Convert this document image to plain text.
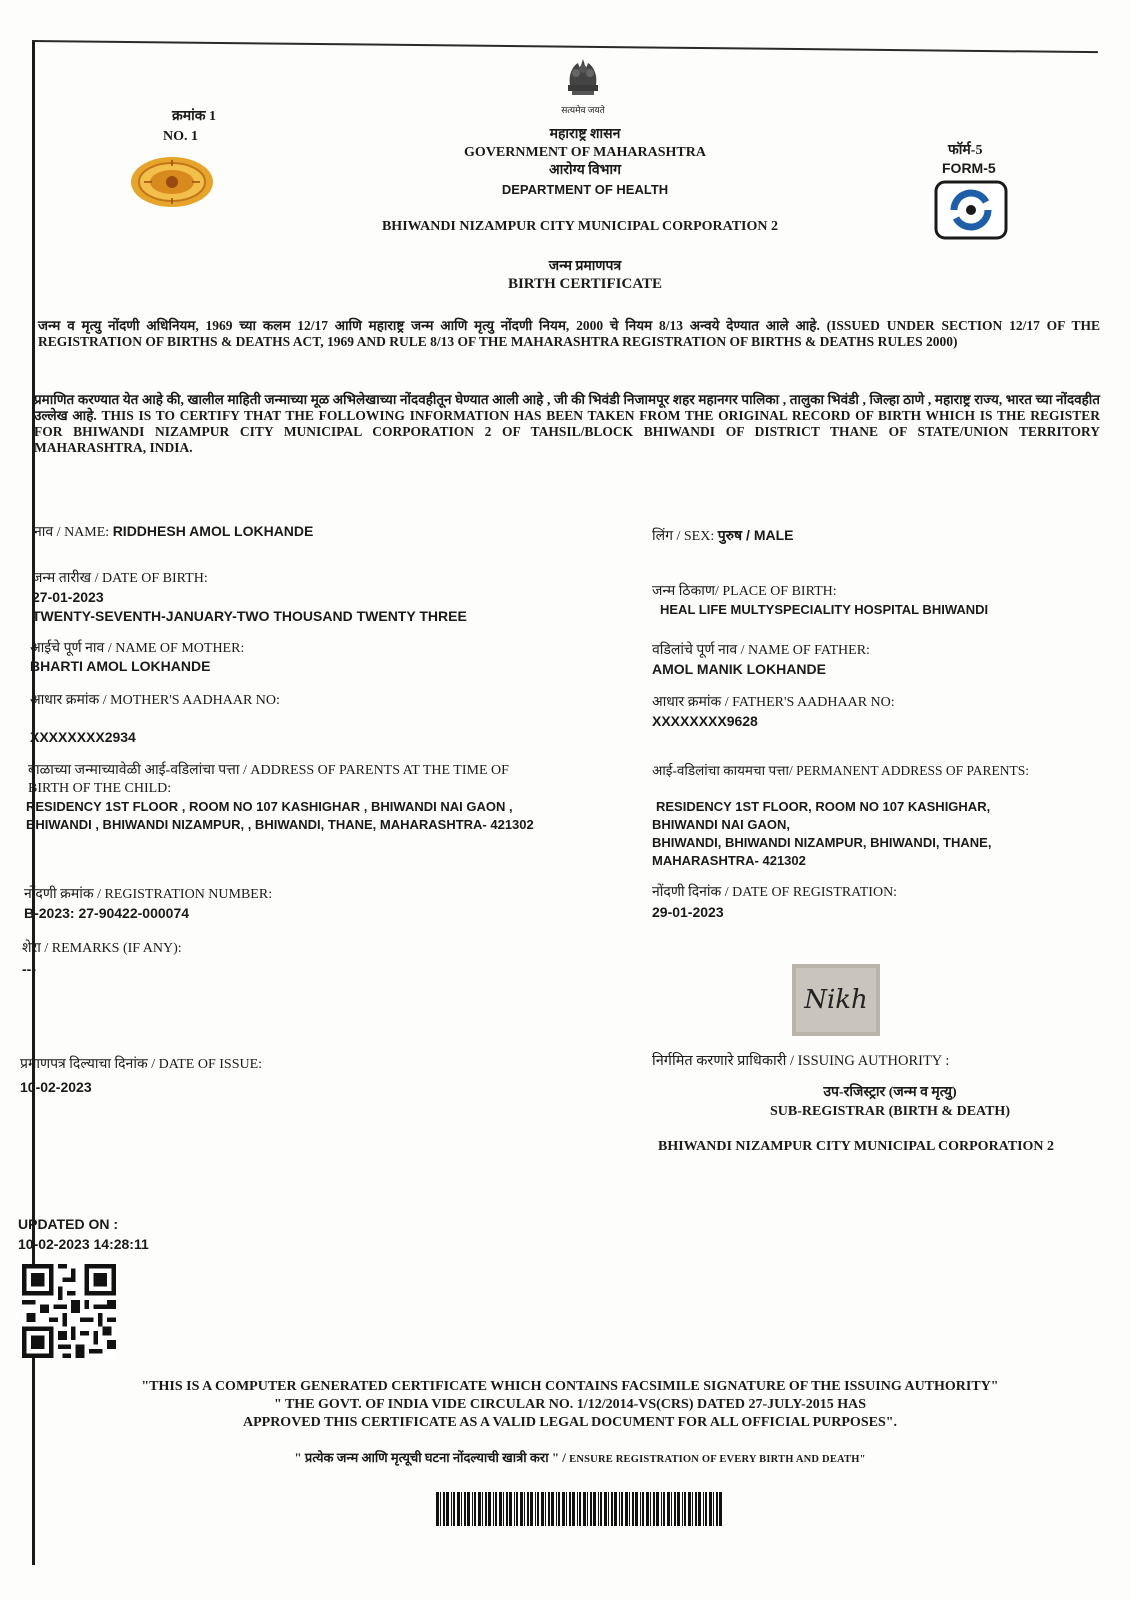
क्रमांक 1
NO. 1
सत्यमेव जयते
महाराष्ट्र शासन
GOVERNMENT OF MAHARASHTRA
आरोग्य विभाग
DEPARTMENT OF HEALTH
फॉर्म-5
FORM-5
BHIWANDI NIZAMPUR CITY MUNICIPAL CORPORATION 2
जन्म प्रमाणपत्र
BIRTH CERTIFICATE
जन्म व मृत्यु नोंदणी अधिनियम, 1969 च्या कलम 12/17 आणि महाराष्ट्र जन्म आणि मृत्यु नोंदणी नियम, 2000 चे नियम 8/13 अन्वये देण्यात आले आहे. (ISSUED UNDER SECTION 12/17 OF THE REGISTRATION OF BIRTHS & DEATHS ACT, 1969 AND RULE 8/13 OF THE MAHARASHTRA REGISTRATION OF BIRTHS & DEATHS RULES 2000)
प्रमाणित करण्यात येत आहे की, खालील माहिती जन्माच्या मूळ अभिलेखाच्या नोंदवहीतून घेण्यात आली आहे , जी की भिवंडी निजामपूर शहर महानगर पालिका , तालुका भिवंडी , जिल्हा ठाणे , महाराष्ट्र राज्य, भारत च्या नोंदवहीत उल्लेख आहे. THIS IS TO CERTIFY THAT THE FOLLOWING INFORMATION HAS BEEN TAKEN FROM THE ORIGINAL RECORD OF BIRTH WHICH IS THE REGISTER FOR BHIWANDI NIZAMPUR CITY MUNICIPAL CORPORATION 2 OF TAHSIL/BLOCK BHIWANDI OF DISTRICT THANE OF STATE/UNION TERRITORY MAHARASHTRA, INDIA.
नाव / NAME: RIDDHESH AMOL LOKHANDE
जन्म तारीख / DATE OF BIRTH:
27-01-2023
TWENTY-SEVENTH-JANUARY-TWO THOUSAND TWENTY THREE
आईचे पूर्ण नाव / NAME OF MOTHER:
BHARTI AMOL LOKHANDE
आधार क्रमांक / MOTHER'S AADHAAR NO:
XXXXXXXX2934
बाळाच्या जन्माच्यावेळी आई-वडिलांचा पत्ता / ADDRESS OF PARENTS AT THE TIME OF
BIRTH OF THE CHILD:
RESIDENCY 1ST FLOOR , ROOM NO 107 KASHIGHAR , BHIWANDI NAI GAON ,
BHIWANDI , BHIWANDI NIZAMPUR, , BHIWANDI, THANE, MAHARASHTRA- 421302
नोंदणी क्रमांक / REGISTRATION NUMBER:
B-2023: 27-90422-000074
शेरा / REMARKS (IF ANY):
---
प्रमाणपत्र दिल्याचा दिनांक / DATE OF ISSUE:
10-02-2023
लिंग / SEX: पुरुष / MALE
जन्म ठिकाण/ PLACE OF BIRTH:
HEAL LIFE MULTYSPECIALITY HOSPITAL BHIWANDI
वडिलांचे पूर्ण नाव / NAME OF FATHER:
AMOL MANIK LOKHANDE
आधार क्रमांक / FATHER'S AADHAAR NO:
XXXXXXXX9628
आई-वडिलांचा कायमचा पत्ता/ PERMANENT ADDRESS OF PARENTS:
RESIDENCY 1ST FLOOR, ROOM NO 107 KASHIGHAR,
BHIWANDI NAI GAON,
BHIWANDI, BHIWANDI NIZAMPUR, BHIWANDI, THANE,
MAHARASHTRA- 421302
नोंदणी दिनांक / DATE OF REGISTRATION:
29-01-2023
Nikh
निर्गमित करणारे प्राधिकारी / ISSUING AUTHORITY :
उप-रजिस्ट्रार (जन्म व मृत्यु)
SUB-REGISTRAR (BIRTH & DEATH)
BHIWANDI NIZAMPUR CITY MUNICIPAL CORPORATION 2
UPDATED ON :
10-02-2023 14:28:11
"THIS IS A COMPUTER GENERATED CERTIFICATE WHICH CONTAINS FACSIMILE SIGNATURE OF THE ISSUING AUTHORITY"
" THE GOVT. OF INDIA VIDE CIRCULAR NO. 1/12/2014-VS(CRS) DATED 27-JULY-2015 HAS
APPROVED THIS CERTIFICATE AS A VALID LEGAL DOCUMENT FOR ALL OFFICIAL PURPOSES".
" प्रत्येक जन्म आणि मृत्यूची घटना नोंदल्याची खात्री करा " / ENSURE REGISTRATION OF EVERY BIRTH AND DEATH"
